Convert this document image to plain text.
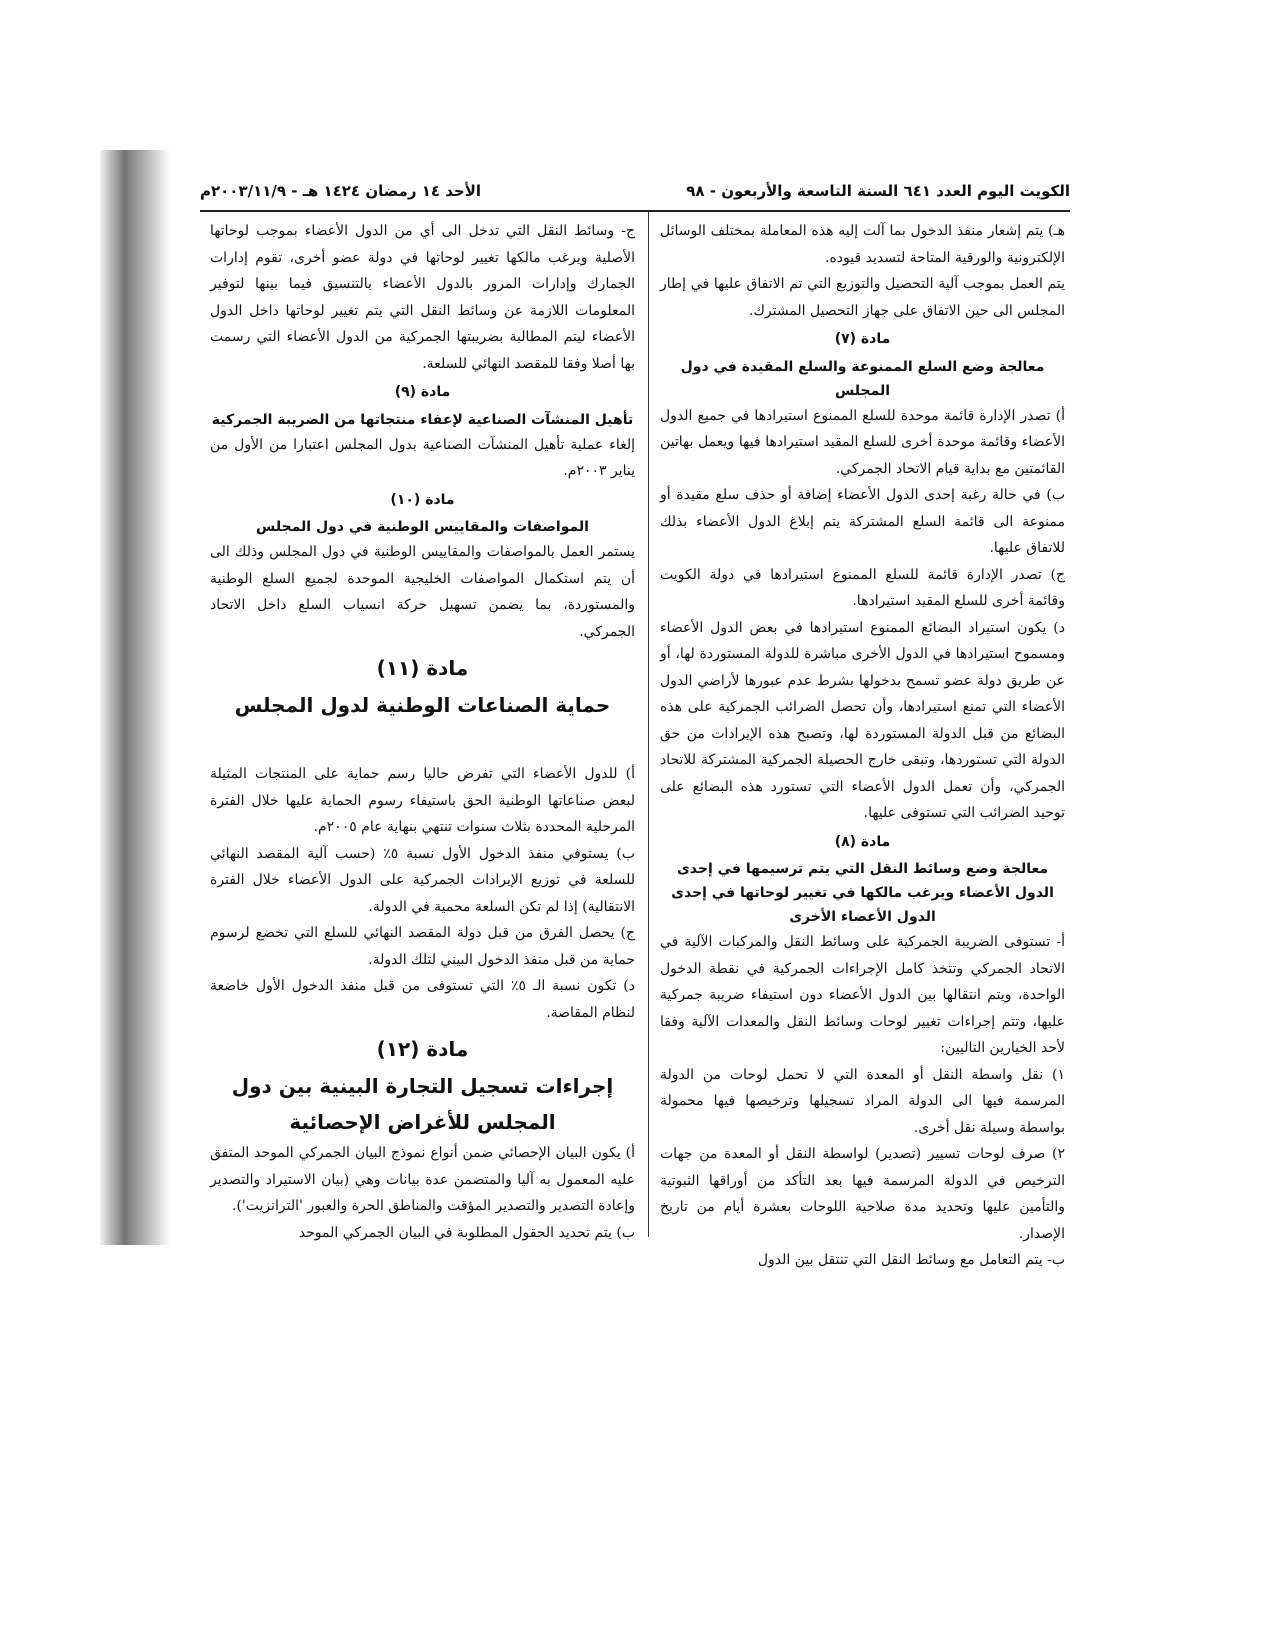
الكويت اليوم العدد ٦٤١ السنة التاسعة والأربعون - ٩٨
الأحد ١٤ رمضان ١٤٢٤ هـ - ٢٠٠٣/١١/٩م

هـ) يتم إشعار منفذ الدخول بما آلت إليه هذه المعاملة بمختلف الوسائل الإلكترونية والورقية المتاحة لتسديد قيوده.

يتم العمل بموجب آلية التحصيل والتوزيع التي تم الاتفاق عليها في إطار المجلس الى حين الاتفاق على جهاز التحصيل المشترك.

مادة (٧)
معالجة وضع السلع الممنوعة والسلع المقيدة في دول المجلس

أ) تصدر الإدارة قائمة موحدة للسلع الممنوع استيرادها في جميع الدول الأعضاء وقائمة موحدة أخرى للسلع المقيد استيرادها فيها ويعمل بهاتين القائمتين مع بداية قيام الاتحاد الجمركي.

ب) في حالة رغبة إحدى الدول الأعضاء إضافة أو حذف سلع مقيدة أو ممنوعة الى قائمة السلع المشتركة يتم إبلاغ الدول الأعضاء بذلك للاتفاق عليها.

ج) تصدر الإدارة قائمة للسلع الممنوع استيرادها في دولة الكويت وقائمة أخرى للسلع المقيد استيرادها.

د) يكون استيراد البضائع الممنوع استيرادها في بعض الدول الأعضاء ومسموح استيرادها في الدول الأخرى مباشرة للدولة المستوردة لها، أو عن طريق دولة عضو تسمح بدخولها بشرط عدم عبورها لأراضي الدول الأعضاء التي تمنع استيرادها، وأن تحصل الضرائب الجمركية على هذه البضائع من قبل الدولة المستوردة لها، وتصبح هذه الإيرادات من حق الدولة التي تستوردها، وتبقى خارج الحصيلة الجمركية المشتركة للاتحاد الجمركي، وأن تعمل الدول الأعضاء التي تستورد هذه البضائع على توحيد الضرائب التي تستوفى عليها.

مادة (٨)
معالجة وضع وسائط النقل التي يتم ترسيمها في إحدى الدول الأعضاء ويرغب مالكها في تغيير لوحاتها في إحدى الدول الأعضاء الأخرى

أ- تستوفى الضريبة الجمركية على وسائط النقل والمركبات الآلية في الاتحاد الجمركي وتتخذ كامل الإجراءات الجمركية في نقطة الدخول الواحدة، ويتم انتقالها بين الدول الأعضاء دون استيفاء ضريبة جمركية عليها، وتتم إجراءات تغيير لوحات وسائط النقل والمعدات الآلية وفقا لأحد الخيارين التاليين:

١) نقل واسطة النقل أو المعدة التي لا تحمل لوحات من الدولة المرسمة فيها الى الدولة المراد تسجيلها وترخيصها فيها محمولة بواسطة وسيلة نقل أخرى.

٢) صرف لوحات تسيير (تصدير) لواسطة النقل أو المعدة من جهات الترخيص في الدولة المرسمة فيها بعد التأكد من أوراقها الثبوتية والتأمين عليها وتحديد مدة صلاحية اللوحات بعشرة أيام من تاريخ الإصدار.

ب- يتم التعامل مع وسائط النقل التي تنتقل بين الدول

ج- وسائط النقل التي تدخل الى أي من الدول الأعضاء بموجب لوحاتها الأصلية ويرغب مالكها تغيير لوحاتها في دولة عضو أخرى، تقوم إدارات الجمارك وإدارات المرور بالدول الأعضاء بالتنسيق فيما بينها لتوفير المعلومات اللازمة عن وسائط النقل التي يتم تغيير لوحاتها داخل الدول الأعضاء ليتم المطالبة بضريبتها الجمركية من الدول الأعضاء التي رسمت بها أصلا وفقا للمقصد النهائي للسلعة.

مادة (٩)
تأهيل المنشآت الصناعية لإعفاء منتجاتها من الضريبة الجمركية

إلغاء عملية تأهيل المنشآت الصناعية بدول المجلس اعتبارا من الأول من يناير ٢٠٠٣م.

مادة (١٠)
المواصفات والمقاييس الوطنية في دول المجلس

يستمر العمل بالمواصفات والمقاييس الوطنية في دول المجلس وذلك الى أن يتم استكمال المواصفات الخليجية الموحدة لجميع السلع الوطنية والمستوردة، بما يضمن تسهيل حركة انسياب السلع داخل الاتحاد الجمركي.

مادة (١١)
حماية الصناعات الوطنية لدول المجلس

أ) للدول الأعضاء التي تفرض حاليا رسم حماية على المنتجات المثيلة لبعض صناعاتها الوطنية الحق باستيفاء رسوم الحماية عليها خلال الفترة المرحلية المحددة بثلاث سنوات تنتهي بنهاية عام ٢٠٠٥م.

ب) يستوفي منفذ الدخول الأول نسبة ٥٪ (حسب آلية المقصد النهائي للسلعة في توزيع الإيرادات الجمركية على الدول الأعضاء خلال الفترة الانتقالية) إذا لم تكن السلعة محمية في الدولة.

ج) يحصل الفرق من قبل دولة المقصد النهائي للسلع التي تخضع لرسوم حماية من قبل منفذ الدخول البيني لتلك الدولة.

د) تكون نسبة الـ ٥٪ التي تستوفى من قبل منفذ الدخول الأول خاضعة لنظام المقاصة.

مادة (١٢)
إجراءات تسجيل التجارة البينية بين دول المجلس للأغراض الإحصائية

أ) يكون البيان الإحصائي ضمن أنواع نموذج البيان الجمركي الموحد المتفق عليه المعمول به آليا والمتضمن عدة بيانات وهي (بيان الاستيراد والتصدير وإعادة التصدير والتصدير المؤقت والمناطق الحرة والعبور 'الترانزيت').

ب) يتم تحديد الحقول المطلوبة في البيان الجمركي الموحد
